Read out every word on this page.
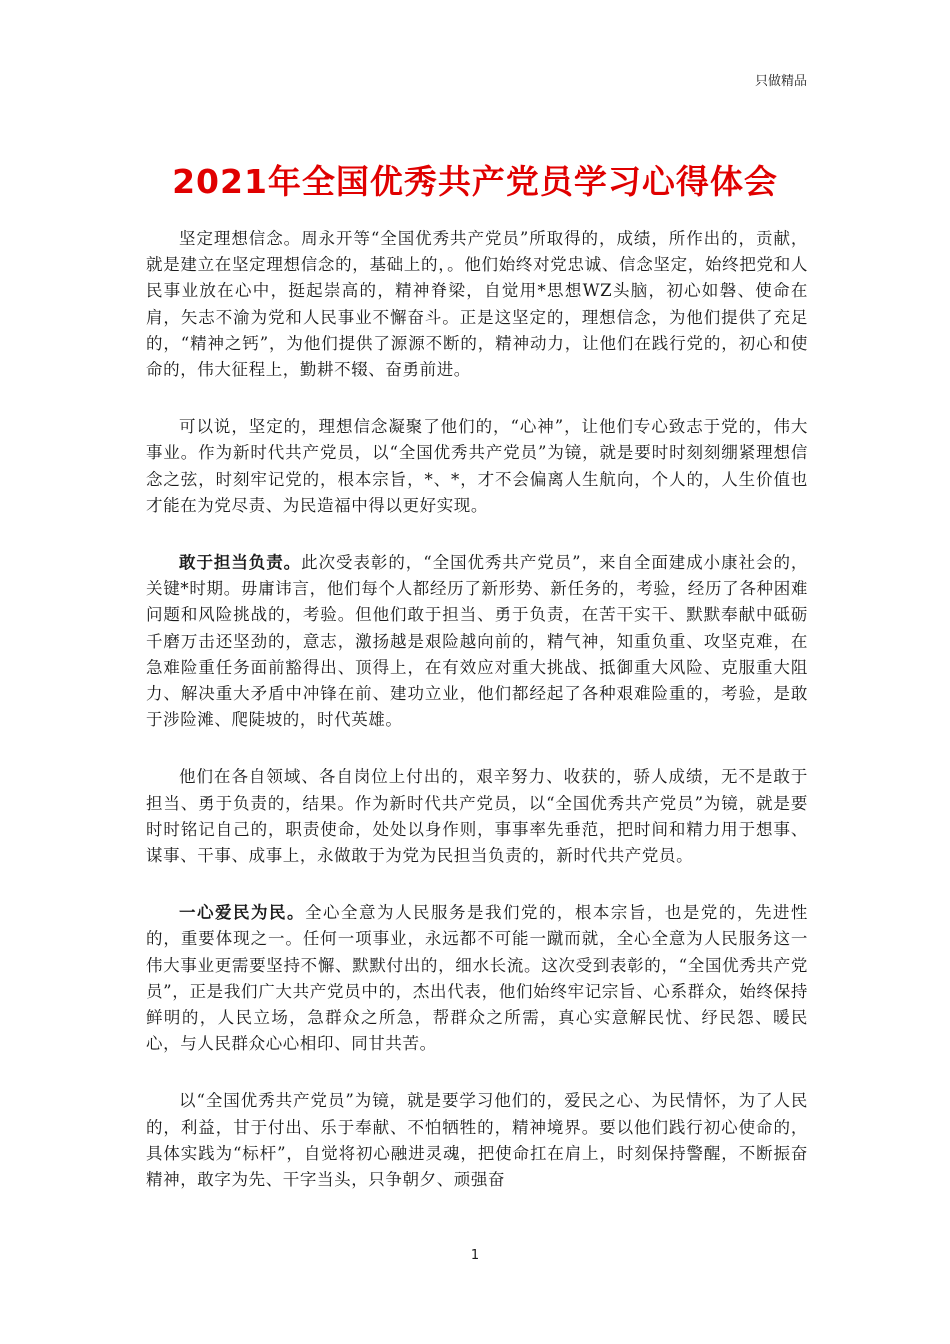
只做精品
2021年全国优秀共产党员学习心得体会

坚定理想信念。周永开等“全国优秀共产党员”所取得的，成绩，所作出的，贡献，就是建立在坚定理想信念的，基础上的，。他们始终对党忠诚、信念坚定，始终把党和人民事业放在心中，挺起崇高的，精神脊梁，自觉用*思想WZ头脑，初心如磐、使命在肩，矢志不渝为党和人民事业不懈奋斗。正是这坚定的，理想信念，为他们提供了充足的，“精神之钙”，为他们提供了源源不断的，精神动力，让他们在践行党的，初心和使命的，伟大征程上，勤耕不辍、奋勇前进。

可以说，坚定的，理想信念凝聚了他们的，“心神”，让他们专心致志于党的，伟大事业。作为新时代共产党员，以“全国优秀共产党员”为镜，就是要时时刻刻绷紧理想信念之弦，时刻牢记党的，根本宗旨，*、*，才不会偏离人生航向，个人的，人生价值也才能在为党尽责、为民造福中得以更好实现。

敢于担当负责。此次受表彰的，“全国优秀共产党员”，来自全面建成小康社会的，关键*时期。毋庸讳言，他们每个人都经历了新形势、新任务的，考验，经历了各种困难问题和风险挑战的，考验。但他们敢于担当、勇于负责，在苦干实干、默默奉献中砥砺千磨万击还坚劲的，意志，激扬越是艰险越向前的，精气神，知重负重、攻坚克难，在急难险重任务面前豁得出、顶得上，在有效应对重大挑战、抵御重大风险、克服重大阻力、解决重大矛盾中冲锋在前、建功立业，他们都经起了各种艰难险重的，考验，是敢于涉险滩、爬陡坡的，时代英雄。

他们在各自领域、各自岗位上付出的，艰辛努力、收获的，骄人成绩，无不是敢于担当、勇于负责的，结果。作为新时代共产党员，以“全国优秀共产党员”为镜，就是要时时铭记自己的，职责使命，处处以身作则，事事率先垂范，把时间和精力用于想事、谋事、干事、成事上，永做敢于为党为民担当负责的，新时代共产党员。

一心爱民为民。全心全意为人民服务是我们党的，根本宗旨，也是党的，先进性的，重要体现之一。任何一项事业，永远都不可能一蹴而就，全心全意为人民服务这一伟大事业更需要坚持不懈、默默付出的，细水长流。这次受到表彰的，“全国优秀共产党员”，正是我们广大共产党员中的，杰出代表，他们始终牢记宗旨、心系群众，始终保持鲜明的，人民立场，急群众之所急，帮群众之所需，真心实意解民忧、纾民怨、暖民心，与人民群众心心相印、同甘共苦。

以“全国优秀共产党员”为镜，就是要学习他们的，爱民之心、为民情怀，为了人民的，利益，甘于付出、乐于奉献、不怕牺牲的，精神境界。要以他们践行初心使命的，具体实践为“标杆”，自觉将初心融进灵魂，把使命扛在肩上，时刻保持警醒，不断振奋精神，敢字为先、干字当头，只争朝夕、顽强奋

1
